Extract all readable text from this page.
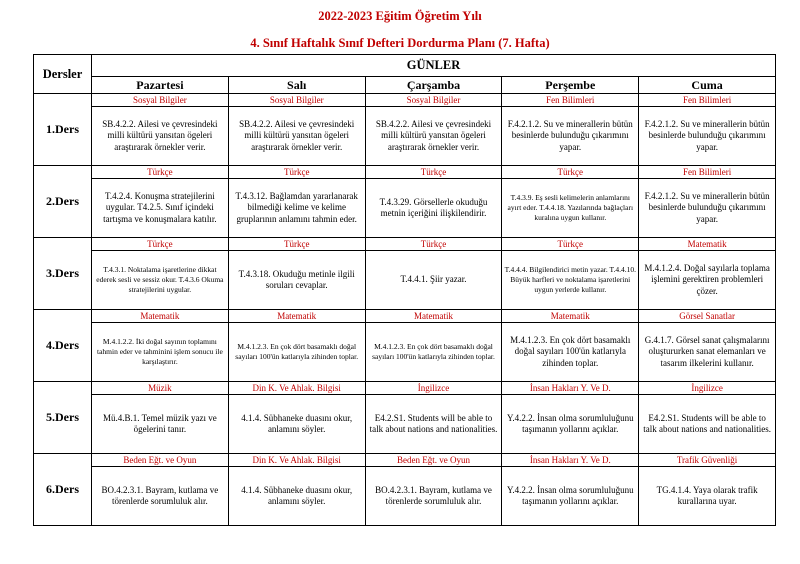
2022-2023 Eğitim Öğretim Yılı
4. Sınıf Haftalık Sınıf Defteri Dordurma Planı (7. Hafta)
Dersler	GÜNLER				
	Pazartesi	Salı	Çarşamba	Perşembe	Cuma
1.Ders	Sosyal Bilgiler	Sosyal Bilgiler	Sosyal Bilgiler	Fen Bilimleri	Fen Bilimleri
	SB.4.2.2. Ailesi ve çevresindeki milli kültürü yansıtan ögeleri araştırarak örnekler verir.	SB.4.2.2. Ailesi ve çevresindeki milli kültürü yansıtan ögeleri araştırarak örnekler verir.	SB.4.2.2. Ailesi ve çevresindeki milli kültürü yansıtan ögeleri araştırarak örnekler verir.	F.4.2.1.2. Su ve minerallerin bütün besinlerde bulunduğu çıkarımını yapar.	F.4.2.1.2. Su ve minerallerin bütün besinlerde bulunduğu çıkarımını yapar.
2.Ders	Türkçe	Türkçe	Türkçe	Türkçe	Fen Bilimleri
	T.4.2.4. Konuşma stratejilerini uygular. T4.2.5. Sınıf içindeki tartışma ve konuşmalara katılır.	T.4.3.12. Bağlamdan yararlanarak bilmediği kelime ve kelime gruplarının anlamını tahmin eder.	T.4.3.29. Görsellerle okuduğu metnin içeriğini ilişkilendirir.	T.4.3.9. Eş sesli kelimelerin anlamlarını ayırt eder. T.4.4.18. Yazılarında bağlaçları kuralına uygun kullanır.	F.4.2.1.2. Su ve minerallerin bütün besinlerde bulunduğu çıkarımını yapar.
3.Ders	Türkçe	Türkçe	Türkçe	Türkçe	Matematik
	T.4.3.1. Noktalama işaretlerine dikkat ederek sesli ve sessiz okur. T.4.3.6 Okuma stratejilerini uygular.	T.4.3.18. Okuduğu metinle ilgili soruları cevaplar.	T.4.4.1. Şiir yazar.	T.4.4.4. Bilgilendirici metin yazar. T.4.4.10. Büyük harfleri ve noktalama işaretlerini uygun yerlerde kullanır.	M.4.1.2.4. Doğal sayılarla toplama işlemini gerektiren problemleri çözer.
4.Ders	Matematik	Matematik	Matematik	Matematik	Görsel Sanatlar
	M.4.1.2.2. İki doğal sayının toplamını tahmin eder ve tahminini işlem sonucu ile karşılaştırır.	M.4.1.2.3. En çok dört basamaklı doğal sayıları 100'ün katlarıyla zihinden toplar.	M.4.1.2.3. En çok dört basamaklı doğal sayıları 100'ün katlarıyla zihinden toplar.	M.4.1.2.3. En çok dört basamaklı doğal sayıları 100'ün katlarıyla zihinden toplar.	G.4.1.7. Görsel sanat çalışmalarını oluştururken sanat elemanları ve tasarım ilkelerini kullanır.
5.Ders	Müzik	Din K. Ve Ahlak. Bilgisi	İngilizce	İnsan Hakları Y. Ve D.	İngilizce
	Mü.4.B.1. Temel müzik yazı ve ögelerini tanır.	4.1.4. Sübhaneke duasını okur, anlamını söyler.	E4.2.S1. Students will be able to talk about nations and nationalities.	Y.4.2.2. İnsan olma sorumluluğunu taşımanın yollarını açıklar.	E4.2.S1. Students will be able to talk about nations and nationalities.
6.Ders	Beden Eğt. ve Oyun	Din K. Ve Ahlak. Bilgisi	Beden Eğt. ve Oyun	İnsan Hakları Y. Ve D.	Trafik Güvenliği
	BO.4.2.3.1. Bayram, kutlama ve törenlerde sorumluluk alır.	4.1.4. Sübhaneke duasını okur, anlamını söyler.	BO.4.2.3.1. Bayram, kutlama ve törenlerde sorumluluk alır.	Y.4.2.2. İnsan olma sorumluluğunu taşımanın yollarını açıklar.	TG.4.1.4. Yaya olarak trafik kurallarına uyar.
